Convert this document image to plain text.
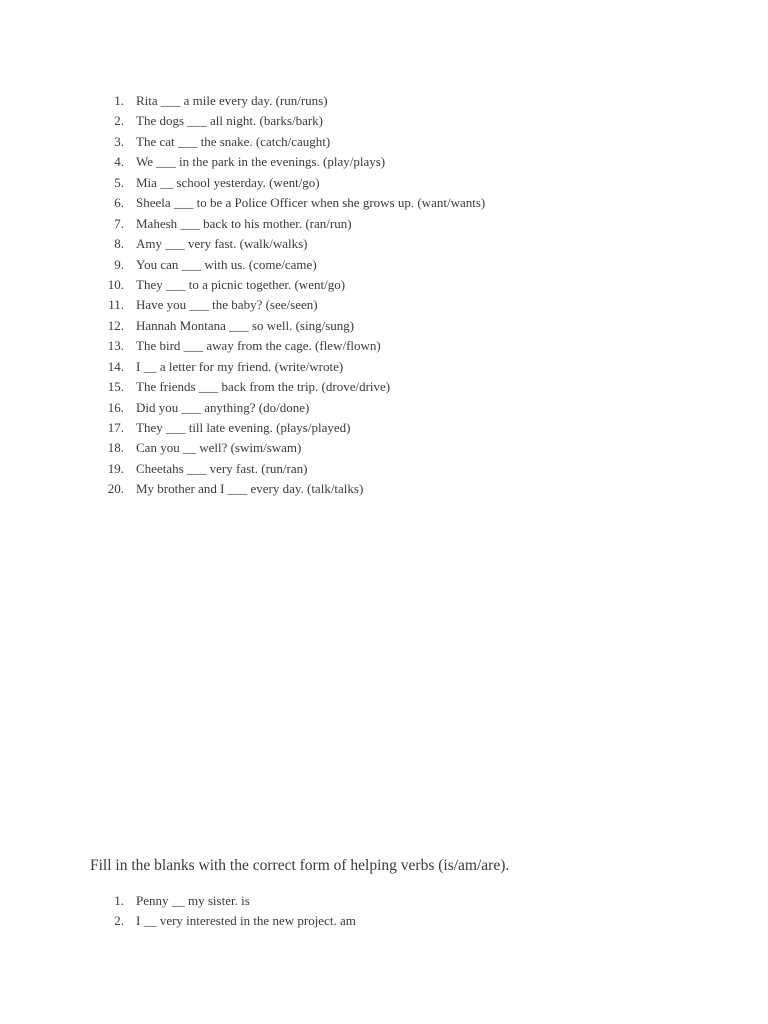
1. Rita ___ a mile every day. (run/runs)
2. The dogs ___ all night. (barks/bark)
3. The cat ___ the snake. (catch/caught)
4. We ___ in the park in the evenings. (play/plays)
5. Mia __ school yesterday. (went/go)
6. Sheela ___ to be a Police Officer when she grows up. (want/wants)
7. Mahesh ___ back to his mother. (ran/run)
8. Amy ___ very fast. (walk/walks)
9. You can ___ with us. (come/came)
10. They ___ to a picnic together. (went/go)
11. Have you ___ the baby? (see/seen)
12. Hannah Montana ___ so well. (sing/sung)
13. The bird ___ away from the cage. (flew/flown)
14. I __ a letter for my friend. (write/wrote)
15. The friends ___ back from the trip. (drove/drive)
16. Did you ___ anything? (do/done)
17. They ___ till late evening. (plays/played)
18. Can you __ well? (swim/swam)
19. Cheetahs ___ very fast. (run/ran)
20. My brother and I ___ every day. (talk/talks)
Fill in the blanks with the correct form of helping verbs (is/am/are).
1. Penny __ my sister. is
2. I __ very interested in the new project. am
